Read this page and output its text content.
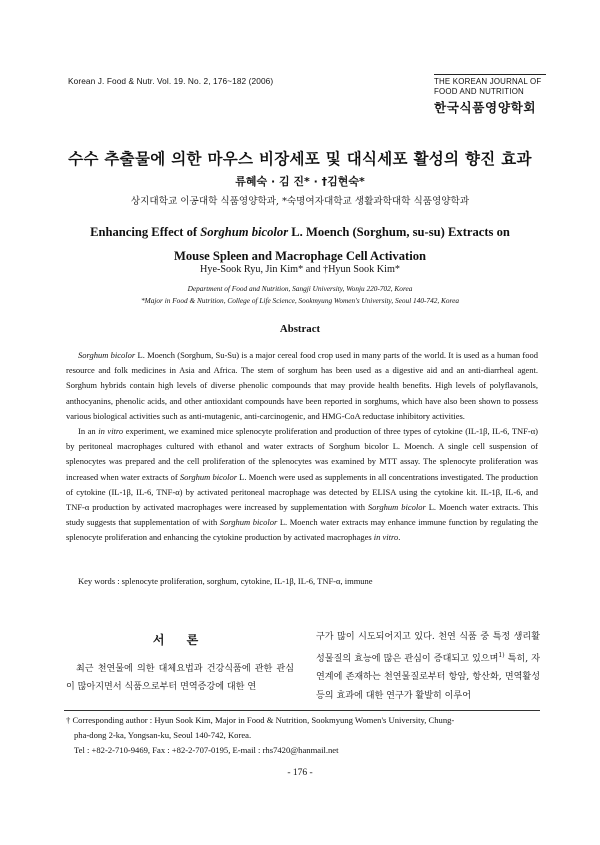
Korean J. Food & Nutr. Vol. 19. No. 2, 176~182 (2006)	THE KOREAN JOURNAL OF
FOOD AND NUTRITION
한국식품영양학회
수수 추출물에 의한 마우스 비장세포 및 대식세포 활성의 향진 효과
류혜숙 · 김 진* · †김현숙*
상지대학교 이공대학 식품영양학과, *숙명여자대학교 생활과학대학 식품영양학과
Enhancing Effect of Sorghum bicolor L. Moench (Sorghum, su-su) Extracts on
Mouse Spleen and Macrophage Cell Activation
Hye-Sook Ryu, Jin Kim* and †Hyun Sook Kim*
Department of Food and Nutrition, Sangji University, Wonju 220-702, Korea
*Major in Food & Nutrition, College of Life Science, Sookmyung Women's University, Seoul 140-742, Korea
Abstract

Sorghum bicolor L. Moench (Sorghum, Su-Su) is a major cereal food crop used in many parts of the world. It is used as a human food resource and folk medicines in Asia and Africa. The stem of sorghum has been used as a digestive aid and an anti-diarrheal agent. Sorghum hybrids contain high levels of diverse phenolic compounds that may provide health benefits. High levels of polyflavanols, anthocyanins, phenolic acids, and other antioxidant compounds have been reported in sorghums, which have also been shown to possess various biological activities such as anti-mutagenic, anti-carcinogenic, and HMG-CoA reductase inhibitory activities.

In an in vitro experiment, we examined mice splenocyte proliferation and production of three types of cytokine (IL-1β, IL-6, TNF-α) by peritoneal macrophages cultured with ethanol and water extracts of Sorghum bicolor L. Moench. A single cell suspension of splenocytes was prepared and the cell proliferation of the splenocytes was examined by MTT assay. The splenocyte proliferation was increased when water extracts of Sorghum bicolor L. Moench were used as supplements in all concentrations investigated. The production of cytokine (IL-1β, IL-6, TNF-α) by activated peritoneal macrophage was detected by ELISA using the cytokine kit. IL-1β, IL-6, and TNF-α production by activated macrophages were increased by supplementation with Sorghum bicolor L. Moench water extracts. This study suggests that supplementation of with Sorghum bicolor L. Moench water extracts may enhance immune function by regulating the splenocyte proliferation and enhancing the cytokine production by activated macrophages in vitro.

Key words : splenocyte proliferation, sorghum, cytokine, IL-1β, IL-6, TNF-α, immune
서 론
최근 천연물에 의한 대체요법과 건강식품에 관한 관심이 많아지면서 식품으로부터 면역증강에 대한 연
구가 많이 시도되어지고 있다. 천연 식품 중 특정 생리활성물질의 효능에 많은 관심이 증대되고 있으며$^{1)}$ 특히, 자연계에 존재하는 천연물질로부터 항암, 항산화, 면역활성 등의 효과에 대한 연구가 활발히 이루어
† Corresponding author : Hyun Sook Kim, Major in Food & Nutrition, Sookmyung Women's University, Chung-
pha-dong 2-ka, Yongsan-ku, Seoul 140-742, Korea.
Tel : +82-2-710-9469, Fax : +82-2-707-0195, E-mail : rhs7420@hanmail.net
- 176 -
